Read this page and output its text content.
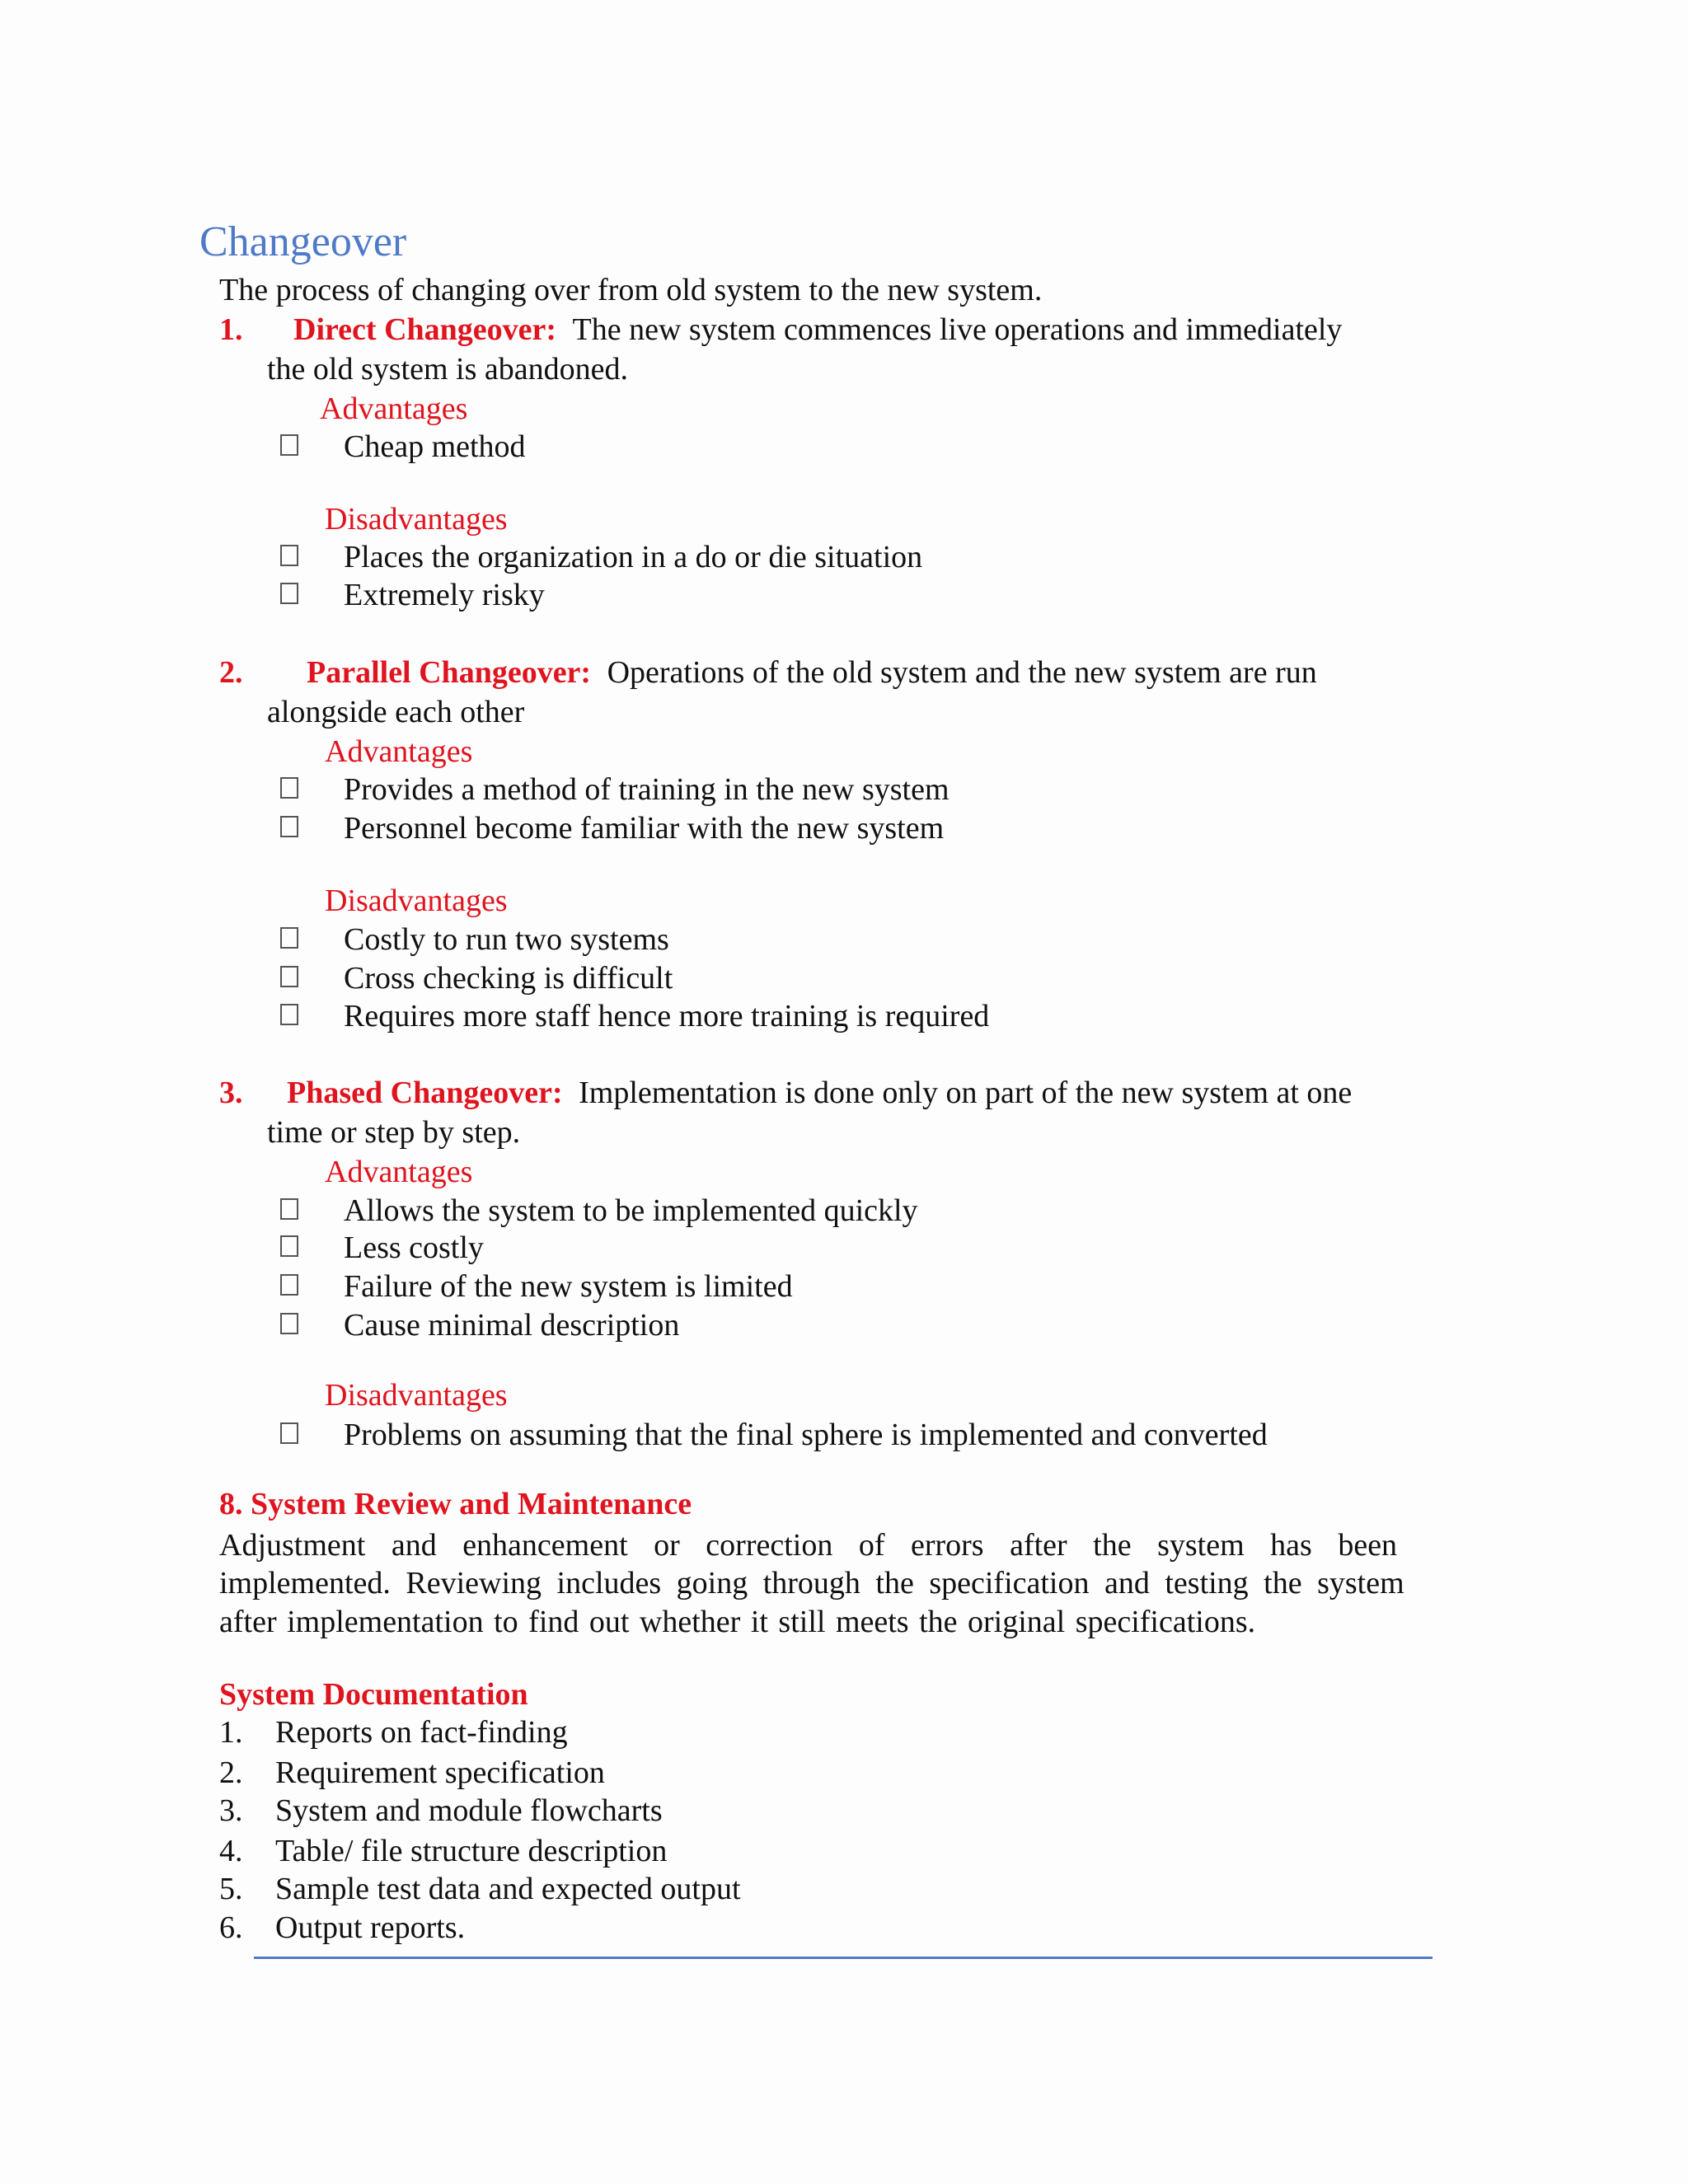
Changeover
The process of changing over from old system to the new system.
1. Direct Changeover: The new system commences live operations and immediately
the old system is abandoned.
Advantages
Cheap method
Disadvantages
Places the organization in a do or die situation
Extremely risky
2. Parallel Changeover: Operations of the old system and the new system are run
alongside each other
Advantages
Provides a method of training in the new system
Personnel become familiar with the new system
Disadvantages
Costly to run two systems
Cross checking is difficult
Requires more staff hence more training is required
3. Phased Changeover: Implementation is done only on part of the new system at one
time or step by step.
Advantages
Allows the system to be implemented quickly
Less costly
Failure of the new system is limited
Cause minimal description
Disadvantages
Problems on assuming that the final sphere is implemented and converted
8. System Review and Maintenance
Adjustment and enhancement or correction of errors after the system has been
implemented. Reviewing includes going through the specification and testing the system
after implementation to find out whether it still meets the original specifications.
System Documentation
1. Reports on fact-finding
2. Requirement specification
3. System and module flowcharts
4. Table/ file structure description
5. Sample test data and expected output
6. Output reports.
